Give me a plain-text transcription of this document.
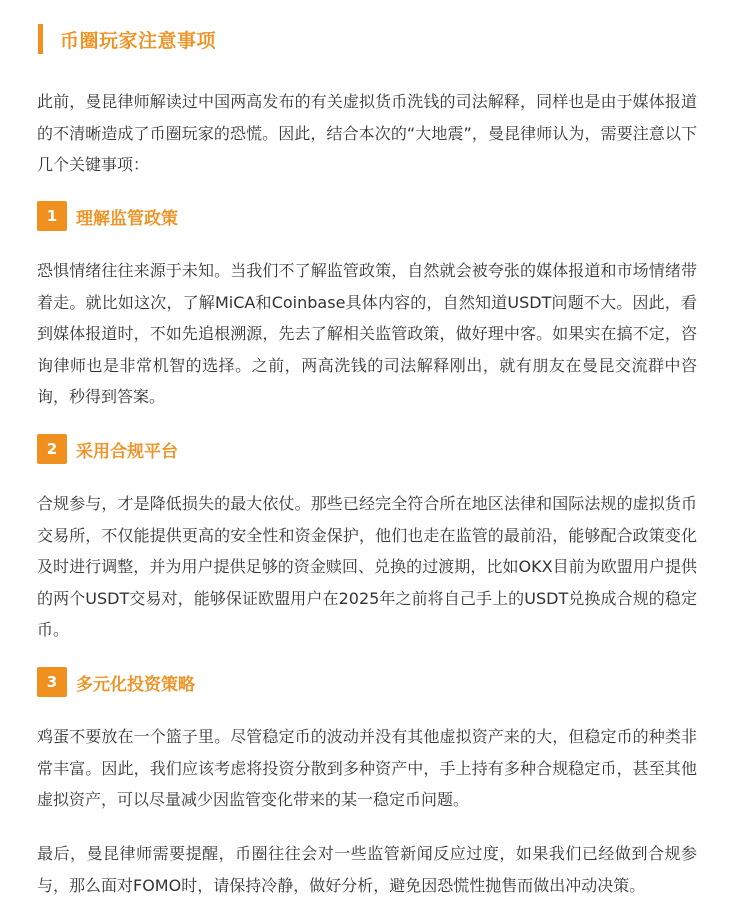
币圈玩家注意事项

此前，曼昆律师解读过中国两高发布的有关虚拟货币洗钱的司法解释，同样也是由于媒体报道的不清晰造成了币圈玩家的恐慌。因此，结合本次的“大地震”，曼昆律师认为，需要注意以下几个关键事项：

1	理解监管政策

恐惧情绪往往来源于未知。当我们不了解监管政策，自然就会被夸张的媒体报道和市场情绪带着走。就比如这次，了解MiCA和Coinbase具体内容的，自然知道USDT问题不大。因此，看到媒体报道时，不如先追根溯源，先去了解相关监管政策，做好理中客。如果实在搞不定，咨询律师也是非常机智的选择。之前，两高洗钱的司法解释刚出，就有朋友在曼昆交流群中咨询，秒得到答案。

2	采用合规平台

合规参与，才是降低损失的最大依仗。那些已经完全符合所在地区法律和国际法规的虚拟货币交易所，不仅能提供更高的安全性和资金保护，他们也走在监管的最前沿，能够配合政策变化及时进行调整，并为用户提供足够的资金赎回、兑换的过渡期，比如OKX目前为欧盟用户提供的两个USDT交易对，能够保证欧盟用户在2025年之前将自己手上的USDT兑换成合规的稳定币。

3	多元化投资策略

鸡蛋不要放在一个篮子里。尽管稳定币的波动并没有其他虚拟资产来的大，但稳定币的种类非常丰富。因此，我们应该考虑将投资分散到多种资产中，手上持有多种合规稳定币，甚至其他虚拟资产，可以尽量减少因监管变化带来的某一稳定币问题。

最后，曼昆律师需要提醒，币圈往往会对一些监管新闻反应过度，如果我们已经做到合规参与，那么面对FOMO时，请保持冷静，做好分析，避免因恐慌性抛售而做出冲动决策。
